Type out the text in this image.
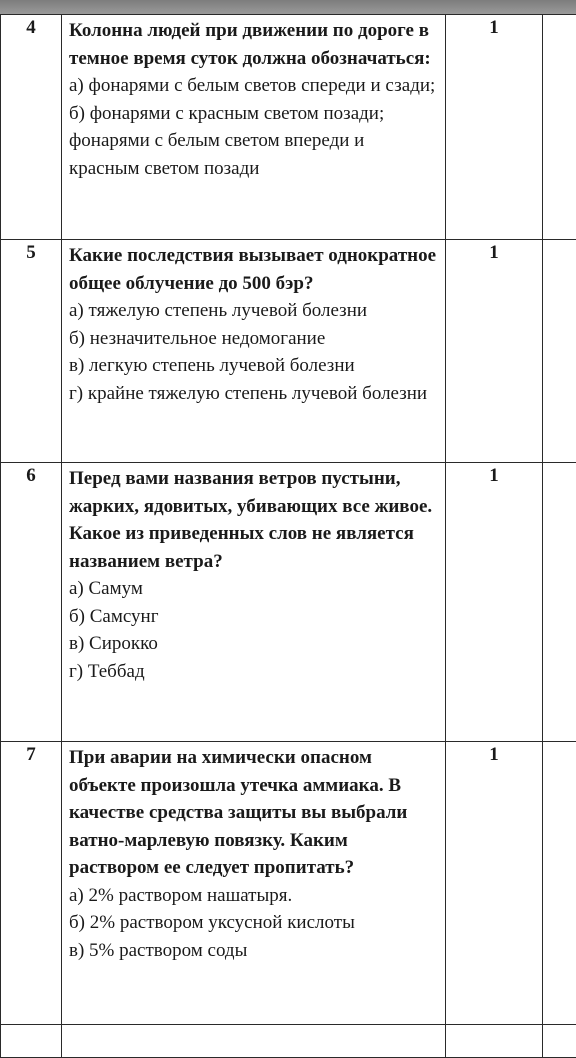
4	Колонна людей при движении по дороге в темное время суток должна обозначаться:
а) фонарями с белым светов спереди и сзади;
б) фонарями с красным светом позади; фонарями с белым светом впереди и красным светом позади	1	
5	Какие последствия вызывает однократное общее облучение до 500 бэр?
а) тяжелую степень лучевой болезни
б) незначительное недомогание
в) легкую степень лучевой болезни
г) крайне тяжелую степень лучевой болезни	1	
6	Перед вами названия ветров пустыни, жарких, ядовитых, убивающих все живое. Какое из приведенных слов не является названием ветра?
а) Самум
б) Самсунг
в) Сирокко
г) Теббад	1	
7	При аварии на химически опасном объекте произошла утечка аммиака. В качестве средства защиты вы выбрали ватно-марлевую повязку. Каким раствором ее следует пропитать?
а) 2% раствором нашатыря.
б) 2% раствором уксусной кислоты
в) 5% раствором соды	1	
